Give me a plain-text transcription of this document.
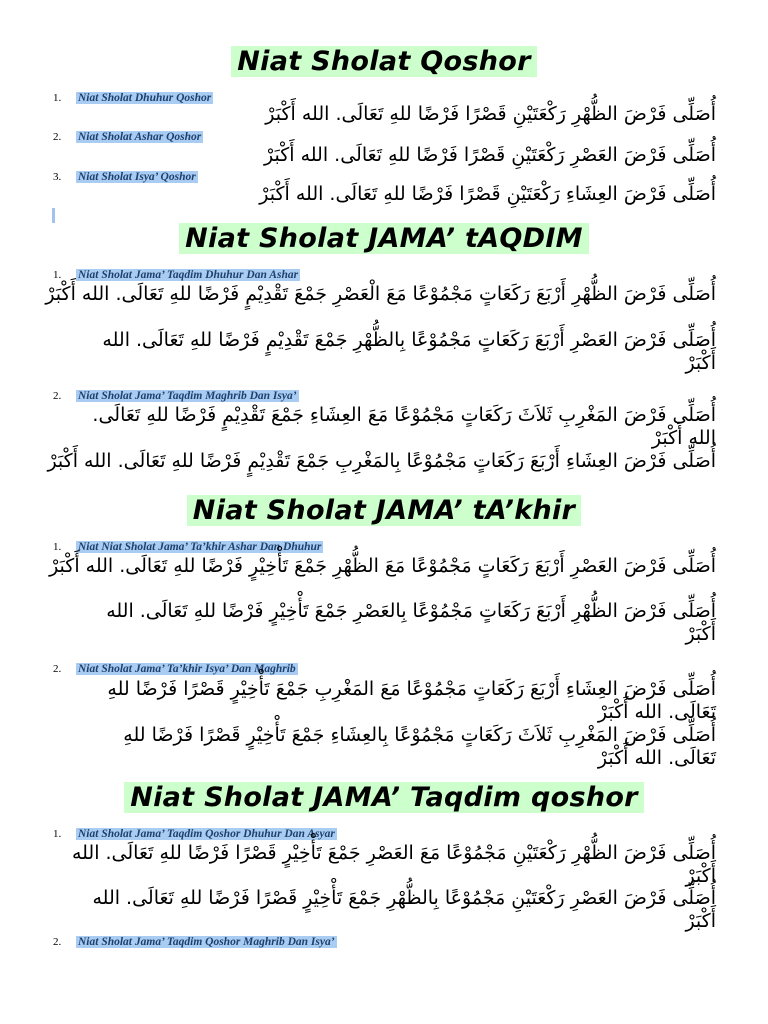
Niat Sholat Qoshor
1. Niat Sholat Dhuhur Qoshor
أُصَلِّى فَرْضَ الظُّهْرِ رَكْعَتَيْنِ قَصْرًا فَرْضًا للهِ تَعَالَى. الله أَكْبَرْ
2. Niat Sholat Ashar Qoshor
أُصَلِّى فَرْضَ العَصْرِ رَكْعَتَيْنِ قَصْرًا فَرْضًا للهِ تَعَالَى. الله أَكْبَرْ
3. Niat Sholat Isya’ Qoshor
أُصَلِّى فَرْضَ العِشَاءِ رَكْعَتَيْنِ قَصْرًا فَرْضًا للهِ تَعَالَى. الله أَكْبَرْ
Niat Sholat JAMA’ tAQDIM
1. Niat Sholat Jama’ Taqdim Dhuhur Dan Ashar
أُصَلِّى فَرْضَ الظُّهْرِ أَرْبَعَ رَكَعَاتٍ مَجْمُوْعًا مَعَ الْعَصْرِ جَمْعَ تَقْدِيْمٍ فَرْضًا للهِ تَعَالَى. الله أَكْبَرْ
أُصَلِّى فَرْضَ العَصْرِ أَرْبَعَ رَكَعَاتٍ مَجْمُوْعًا بِالظُّهْرِ جَمْعَ تَقْدِيْمٍ فَرْضًا للهِ تَعَالَى. الله أَكْبَرْ
2. Niat Sholat Jama’ Taqdim Maghrib Dan Isya’
أُصَلِّى فَرْضَ المَغْرِبِ ثَلاَثَ رَكَعَاتٍ مَجْمُوْعًا مَعَ العِشَاءِ جَمْعَ تَقْدِيْمٍ فَرْضًا للهِ تَعَالَى. الله أَكْبَرْ
أُصَلِّى فَرْضَ العِشَاءِ أَرْبَعَ رَكَعَاتٍ مَجْمُوْعًا بِالمَغْرِبِ جَمْعَ تَقْدِيْمٍ فَرْضًا للهِ تَعَالَى. الله أَكْبَرْ
Niat Sholat JAMA’ tA’khir
1. Niat Niat Sholat Jama’ Ta’khir Ashar Dan Dhuhur
أُصَلِّى فَرْضَ العَصْرِ أَرْبَعَ رَكَعَاتٍ مَجْمُوْعًا مَعَ الظُّهْرِ جَمْعَ تَأْخِيْرٍ فَرْضًا للهِ تَعَالَى. الله أَكْبَرْ
أُصَلِّى فَرْضَ الظُّهْرِ أَرْبَعَ رَكَعَاتٍ مَجْمُوْعًا بِالعَصْرِ جَمْعَ تَأْخِيْرٍ فَرْضًا للهِ تَعَالَى. الله أَكْبَرْ
2. Niat Sholat Jama’ Ta’khir Isya’ Dan Maghrib
أُصَلِّى فَرْضَ العِشَاءِ أَرْبَعَ رَكَعَاتٍ مَجْمُوْعًا مَعَ المَغْرِبِ جَمْعَ تَأْخِيْرٍ قَصْرًا فَرْضًا للهِ تَعَالَى. الله أَكْبَرْ
أُصَلِّى فَرْضَ المَغْرِبِ ثَلاَثَ رَكَعَاتٍ مَجْمُوْعًا بِالعِشَاءِ جَمْعَ تَأْخِيْرٍ قَصْرًا فَرْضًا للهِ تَعَالَى. الله أَكْبَرْ
Niat Sholat JAMA’ Taqdim qoshor
1. Niat Sholat Jama’ Taqdim Qoshor Dhuhur Dan Asyar
أُصَلِّى فَرْضَ الظُّهْرِ رَكْعَتَيْنِ مَجْمُوْعًا مَعَ العَصْرِ جَمْعَ تَأْخِيْرٍ قَصْرًا فَرْضًا للهِ تَعَالَى. الله أَكْبَرْ
أُصَلِّى فَرْضَ العَصْرِ رَكْعَتَيْنِ مَجْمُوْعًا بِالظُّهْرِ جَمْعَ تَأْخِيْرٍ قَصْرًا فَرْضًا للهِ تَعَالَى. الله أَكْبَرْ
2. Niat Sholat Jama’ Taqdim Qoshor Maghrib Dan Isya’
